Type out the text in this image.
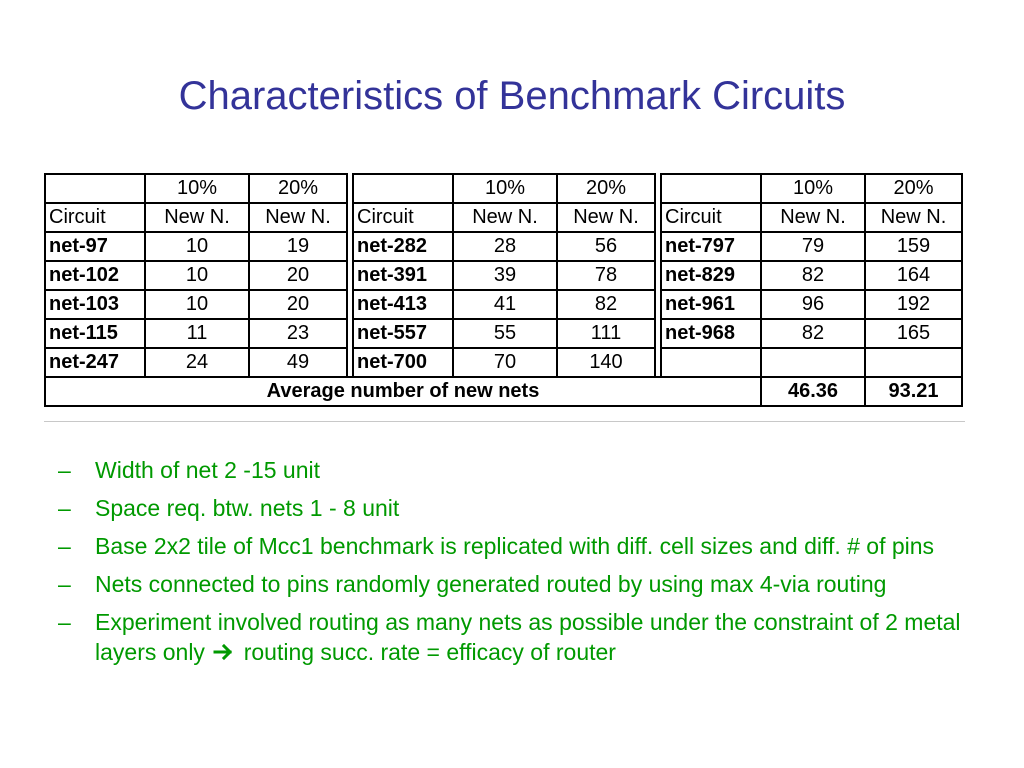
Characteristics of Benchmark Circuits
	10%	20%			10%	20%			10%	20%
Circuit	New N.	New N.		Circuit	New N.	New N.		Circuit	New N.	New N.
net-97	10	19		net-282	28	56		net-797	79	159
net-102	10	20		net-391	39	78		net-829	82	164
net-103	10	20		net-413	41	82		net-961	96	192
net-115	11	23		net-557	55	111		net-968	82	165
net-247	24	49		net-700	70	140				
Average number of new nets									46.36	93.21
–	Width of net 2 -15 unit
–	Space req. btw. nets 1 - 8 unit
–	Base 2x2 tile of Mcc1 benchmark is replicated with diff. cell sizes and diff. # of pins
–	Nets connected to pins randomly generated routed by using max 4-via routing
–	Experiment involved routing as many nets as possible under the constraint of 2 metal layers only routing succ. rate = efficacy of router
